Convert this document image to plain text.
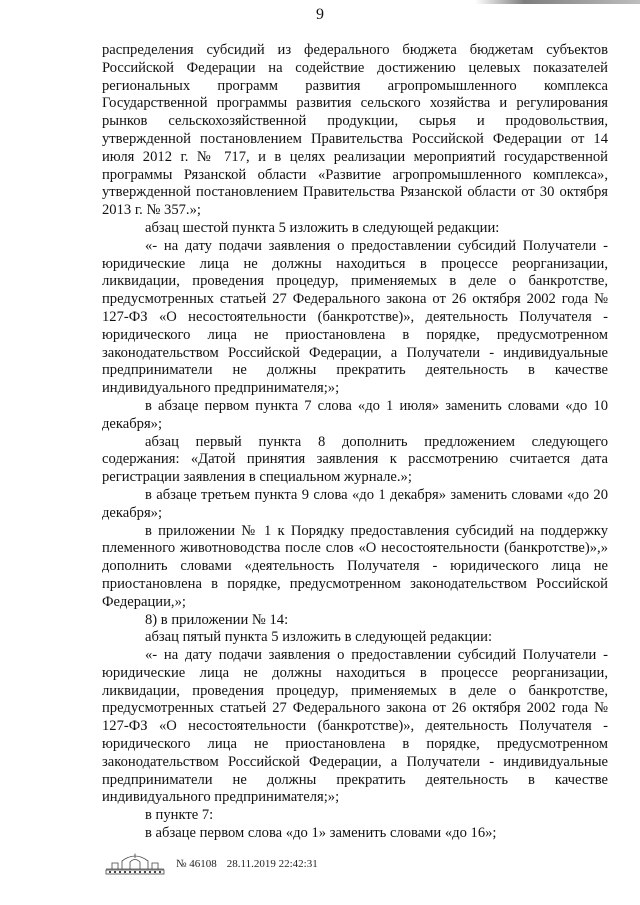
9

распределения субсидий из федерального бюджета бюджетам субъектов Российской Федерации на содействие достижению целевых показателей региональных программ развития агропромышленного комплекса Государственной программы развития сельского хозяйства и регулирования рынков сельскохозяйственной продукции, сырья и продовольствия, утвержденной постановлением Правительства Российской Федерации от 14 июля 2012 г. № 717, и в целях реализации мероприятий государственной программы Рязанской области «Развитие агропромышленного комплекса», утвержденной постановлением Правительства Рязанской области от 30 октября 2013 г. № 357.»;

абзац шестой пункта 5 изложить в следующей редакции:

«- на дату подачи заявления о предоставлении субсидий Получатели - юридические лица не должны находиться в процессе реорганизации, ликвидации, проведения процедур, применяемых в деле о банкротстве, предусмотренных статьей 27 Федерального закона от 26 октября 2002 года № 127-ФЗ «О несостоятельности (банкротстве)», деятельность Получателя - юридического лица не приостановлена в порядке, предусмотренном законодательством Российской Федерации, а Получатели - индивидуальные предприниматели не должны прекратить деятельность в качестве индивидуального предпринимателя;»;

в абзаце первом пункта 7 слова «до 1 июля» заменить словами «до 10 декабря»;

абзац первый пункта 8 дополнить предложением следующего содержания: «Датой принятия заявления к рассмотрению считается дата регистрации заявления в специальном журнале.»;

в абзаце третьем пункта 9 слова «до 1 декабря» заменить словами «до 20 декабря»;

в приложении № 1 к Порядку предоставления субсидий на поддержку племенного животноводства после слов «О несостоятельности (банкротстве)»,» дополнить словами «деятельность Получателя - юридического лица не приостановлена в порядке, предусмотренном законодательством Российской Федерации,»;

8) в приложении № 14:

абзац пятый пункта 5 изложить в следующей редакции:

«- на дату подачи заявления о предоставлении субсидий Получатели - юридические лица не должны находиться в процессе реорганизации, ликвидации, проведения процедур, применяемых в деле о банкротстве, предусмотренных статьей 27 Федерального закона от 26 октября 2002 года № 127-ФЗ «О несостоятельности (банкротстве)», деятельность Получателя - юридического лица не приостановлена в порядке, предусмотренном законодательством Российской Федерации, а Получатели - индивидуальные предприниматели не должны прекратить деятельность в качестве индивидуального предпринимателя;»;

в пункте 7:

в абзаце первом слова «до 1» заменить словами «до 16»;

№ 46108 28.11.2019 22:42:31
